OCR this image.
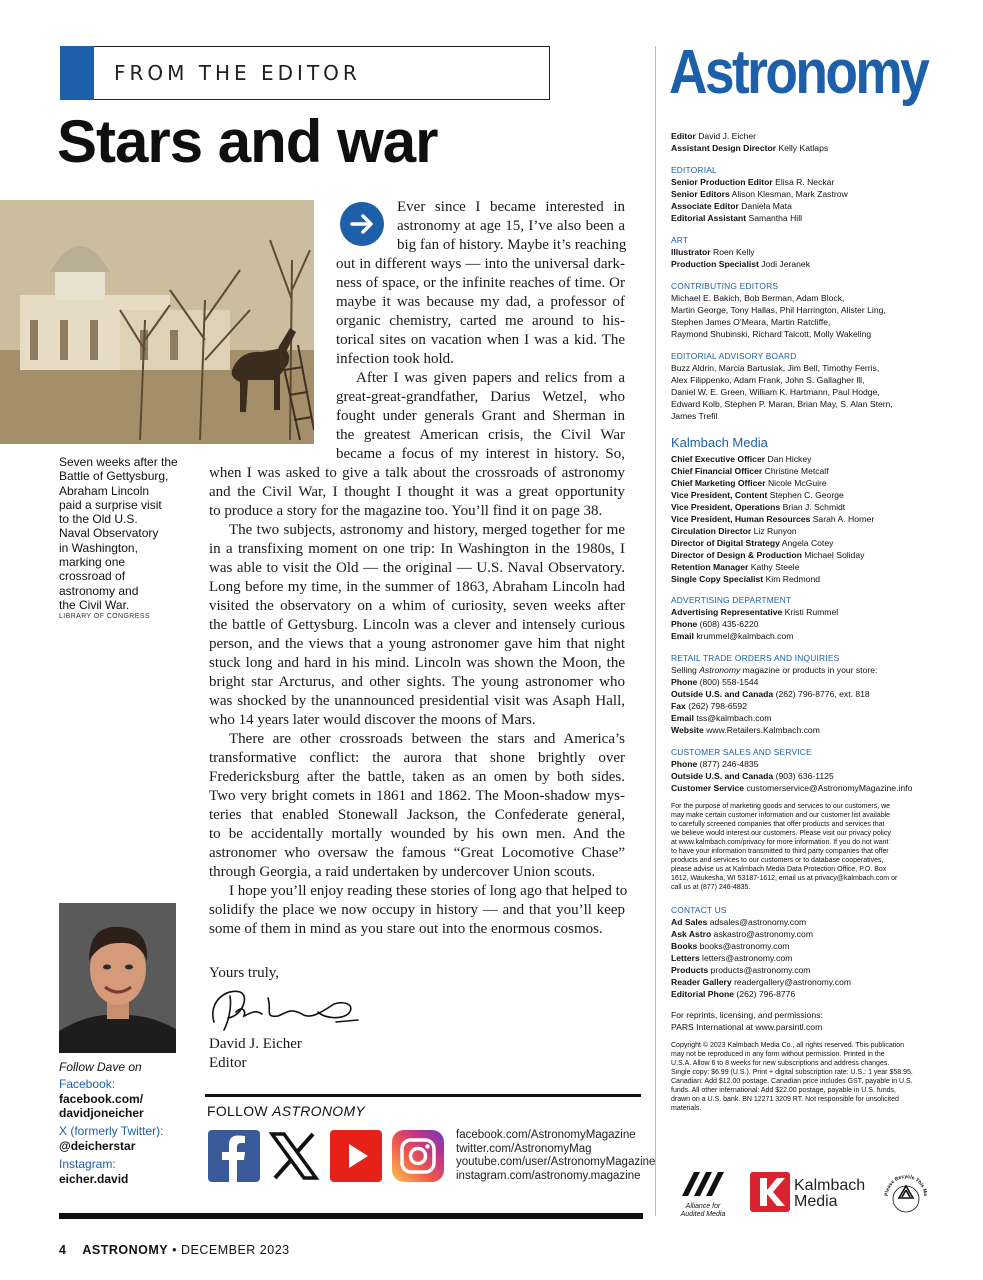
FROM THE EDITOR
Stars and war
Seven weeks after the
Battle of Gettysburg,
Abraham Lincoln
paid a surprise visit
to the Old U.S.
Naval Observatory
in Washington,
marking one
crossroad of
astronomy and
the Civil War.
LIBRARY OF CONGRESS
Ever since I became interested in
astronomy at age 15, I’ve also been a
big fan of history. Maybe it’s reaching
out in different ways — into the universal dark-
ness of space, or the infinite reaches of time. Or
maybe it was because my dad, a professor of
organic chemistry, carted me around to his-
torical sites on vacation when I was a kid. The
infection took hold.
After I was given papers and relics from a
great-great-grandfather, Darius Wetzel, who
fought under generals Grant and Sherman in
the greatest American crisis, the Civil War
became a focus of my interest in history. So,
when I was asked to give a talk about the crossroads of astronomy
and the Civil War, I thought I thought it was a great opportunity
to produce a story for the magazine too. You’ll find it on page 38.
The two subjects, astronomy and history, merged together for me
in a transfixing moment on one trip: In Washington in the 1980s, I
was able to visit the Old — the original — U.S. Naval Observatory.
Long before my time, in the summer of 1863, Abraham Lincoln had
visited the observatory on a whim of curiosity, seven weeks after
the battle of Gettysburg. Lincoln was a clever and intensely curious
person, and the views that a young astronomer gave him that night
stuck long and hard in his mind. Lincoln was shown the Moon, the
bright star Arcturus, and other sights. The young astronomer who
was shocked by the unannounced presidential visit was Asaph Hall,
who 14 years later would discover the moons of Mars.
There are other crossroads between the stars and America’s
transformative conflict: the aurora that shone brightly over
Fredericksburg after the battle, taken as an omen by both sides.
Two very bright comets in 1861 and 1862. The Moon-shadow mys-
teries that enabled Stonewall Jackson, the Confederate general,
to be accidentally mortally wounded by his own men. And the
astronomer who oversaw the famous “Great Locomotive Chase”
through Georgia, a raid undertaken by undercover Union scouts.
I hope you’ll enjoy reading these stories of long ago that helped to
solidify the place we now occupy in history — and that you’ll keep
some of them in mind as you stare out into the enormous cosmos.
Yours truly,
David J. Eicher
Editor
Follow Dave on
Facebook:
facebook.com/
davidjoneicher
X (formerly Twitter):
@deicherstar
Instagram:
eicher.david
FOLLOW ASTRONOMY
facebook.com/AstronomyMagazine
twitter.com/AstronomyMag
youtube.com/user/AstronomyMagazine
instagram.com/astronomy.magazine
4 ASTRONOMY • DECEMBER 2023
Astronomy
Editor David J. Eicher
Assistant Design Director Kelly Katlaps
EDITORIAL
Senior Production Editor Elisa R. Neckar
Senior Editors Alison Klesman, Mark Zastrow
Associate Editor Daniela Mata
Editorial Assistant Samantha Hill
ART
Illustrator Roen Kelly
Production Specialist Jodi Jeranek
CONTRIBUTING EDITORS
Michael E. Bakich, Bob Berman, Adam Block,
Martin George, Tony Hallas, Phil Harrington, Alister Ling,
Stephen James O’Meara, Martin Ratcliffe,
Raymond Shubinski, Richard Talcott, Molly Wakeling
EDITORIAL ADVISORY BOARD
Buzz Aldrin, Marcia Bartusiak, Jim Bell, Timothy Ferris,
Alex Filippenko, Adam Frank, John S. Gallagher lll,
Daniel W. E. Green, William K. Hartmann, Paul Hodge,
Edward Kolb, Stephen P. Maran, Brian May, S. Alan Stern,
James Trefil
Kalmbach Media
Chief Executive Officer Dan Hickey
Chief Financial Officer Christine Metcalf
Chief Marketing Officer Nicole McGuire
Vice President, Content Stephen C. George
Vice President, Operations Brian J. Schmidt
Vice President, Human Resources Sarah A. Horner
Circulation Director Liz Runyon
Director of Digital Strategy Angela Cotey
Director of Design & Production Michael Soliday
Retention Manager Kathy Steele
Single Copy Specialist Kim Redmond
ADVERTISING DEPARTMENT
Advertising Representative Kristi Rummel
Phone (608) 435-6220
Email krummel@kalmbach.com
RETAIL TRADE ORDERS AND INQUIRIES
Selling Astronomy magazine or products in your store:
Phone (800) 558-1544
Outside U.S. and Canada (262) 796-8776, ext. 818
Fax (262) 798-6592
Email tss@kalmbach.com
Website www.Retailers.Kalmbach.com
CUSTOMER SALES AND SERVICE
Phone (877) 246-4835
Outside U.S. and Canada (903) 636-1125
Customer Service customerservice@AstronomyMagazine.info
For the purpose of marketing goods and services to our customers, we
may make certain customer information and our customer list available
to carefully screened companies that offer products and services that
we believe would interest our customers. Please visit our privacy policy
at www.kalmbach.com/privacy for more information. If you do not want
to have your information transmitted to third party companies that offer
products and services to our customers or to database cooperatives,
please advise us at Kalmbach Media Data Protection Office, P.O. Box
1612, Waukesha, WI 53187-1612, email us at privacy@kalmbach.com or
call us at (877) 246-4835.
CONTACT US
Ad Sales adsales@astronomy.com
Ask Astro askastro@astronomy.com
Books books@astronomy.com
Letters letters@astronomy.com
Products products@astronomy.com
Reader Gallery readergallery@astronomy.com
Editorial Phone (262) 796-8776
For reprints, licensing, and permissions:
PARS International at www.parsintl.com
Copyright © 2023 Kalmbach Media Co., all rights reserved. This publication
may not be reproduced in any form without permission. Printed in the
U.S.A. Allow 6 to 8 weeks for new subscriptions and address changes.
Single copy: $6.99 (U.S.). Print + digital subscription rate: U.S.: 1 year $58.95.
Canadian: Add $12.00 postage. Canadian price includes GST, payable in U.S.
funds. All other international: Add $22.00 postage, payable in U.S. funds,
drawn on a U.S. bank. BN 12271 3209 RT. Not responsible for unsolicited
materials.
Alliance for
Audited Media
Kalmbach
Media	Please Recycle This Ma
